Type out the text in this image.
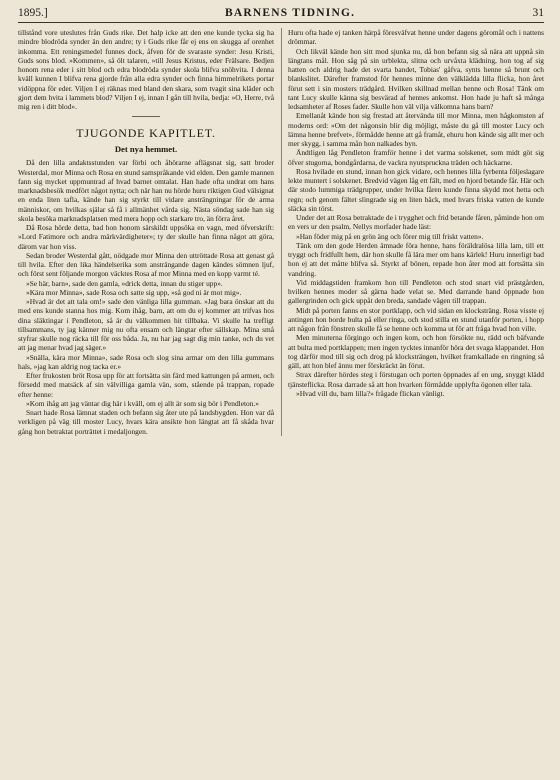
1895.]	BARNENS TIDNING.	31

tillstånd vore uteslutes från Guds rike. Det halp icke att den ene kunde tycka sig ha mindre blodröda synder än den andre; ty i Guds rike får ej ens en skugga af orenhet inkomma. Ett reningsmedel funnes dock, åfven för de svaraste synder: Jesu Kristi, Guds sons blod. »Kommen», så ölt talaren, »till Jesus Kristus, eder Frälsare. Bedjen honom rena eder i sitt blod och edra blodröda synder skola blifva snöhvita. I denna kväll kunnen I blifva rena gjorde från alla edra synder och finna himmelrikets portar vidöppna för eder. Viljen I ej räknas med bland den skara, som tvagit sina kläder och gjort dem hvita i lammets blod? Viljen I ej, innan I gån till hvila, bedja: »O, Herre, två mig ren i ditt blod».

TJUGONDE KAPITLET.
Det nya hemmet.

Då den lilla andaktsstunden var förbi och åhörarne aflägsnat sig, satt broder Westerdal, mor Minna och Rosa en stund samspråkande vid elden. Den gamle mannen fann sig mycket uppmuntrad af hvad barnet omtalat. Han hade ofta undrat om hans marknadsbesök medfört något nytta; och när han nu hörde huru riktigen Gud välsignat en enda liten tafla, kände han sig styrkt till vidare ansträngningar för de arma människor, om hvilkas själar så få i allmänhet vårda sig. Nästa söndag sade han sig skola besöka marknadsplatsen med mera hopp och starkare tro, än förra året.

Då Rosa hörde detta, bad hon honom särskildt uppsöka en vagn, med öfverskrift: »Lord Fatimore och andra märkvärdigheter»; ty der skulle han finna något att göra, därom var hon viss.

Sedan broder Westerdal gått, nödgade mor Minna den uttröttade Rosa att genast gå till hvila. Efter den lika händelserika som ansträngande dagen kändes sömnen ljuf, och först sent följande morgon väcktes Rosa af mor Minna med en kopp varmt té.

»Se här, barn», sade den gamla, »drick detta, innan du stiger upp».

»Kära mor Minna», sade Rosa och satte sig upp, »så god ni är mot mig».

»Hvad är det att tala om!» sade den vänliga lilla gumman. »Jag bara önskar att du med ens kunde stanna hos mig. Kom ihåg, barn, att om du ej kommer att trifvas hos dina släktingar i Pendleton, så är du välkommen hit tillbaka. Vi skulle ha trefligt tillsammans, ty jag känner mig nu ofta ensam och längtar efter sällskap. Mina små styfrar skulle nog räcka till för oss båda. Ja, nu har jag sagt dig min tanke, och du vet att jag menar hvad jag säger.»

»Snälla, kära mor Minna», sade Rosa och slog sina armar om den lilla gummans hals, »jag kan aldrig nog tacka er.»

Efter frukosten bröt Rosa upp för att fortsätta sin färd med kattungen på armen, och försedd med matsäck af sin välvilliga gamla vän, som, stående på trappan, ropade efter henne:

»Kom ihåg att jag väntar dig här i kväll, om ej allt är som sig bör i Pendleton.»

Snart hade Rosa lämnat staden och befann sig åter ute på landsbygden. Hon var då verkligen på väg till moster Lucy, hvars kära ansikte hon längtat att få skåda hvar gång hon betraktat porträttet i medaljongen.

Huru ofta hade ej tanken härpå föresväfvat henne under dagens göromål och i nattens drömmar.

Och likväl kände hon sitt mod sjunka nu, då hon befann sig så nära att uppnå sin längtans mål. Hon såg på sin urblekta, slitna och urvåxta klädning, hon tog af sig hatten och aldrig hade det svarta bandet, Tobias' gåfva, synts henne så brunt och blankslitet. Därefter framstod för hennes minne den välklädda lilla flicka, hon året förut sett i sin mosters trädgård. Hvilken skillnad mellan henne och Rosa! Tänk om tant Lucy skulle känna sig besvärad af hennes ankomst. Hon hade ju haft så många ledsamheter af Roses fader. Skulle hon väl vilja välkomna hans barn?

Emellanåt kände hon sig frestad att återvända till mor Minna, men hågkomsten af moderns ord: »Om det någonsin blir dig möjligt, måste du gå till moster Lucy och lämna henne brefvet», förmådde henne att gå framåt, ehuru hon kände sig allt mer och mer skygg, i samma mån hon nalkades byn.

Ändtligen låg Pendleton framför henne i det varma solskenet, som midt göt sig öfver stugorna, bondgårdarna, de vackra nyutspruckna träden och häckarne.

Rosa hvilade en stund, innan hon gick vidare, och hennes lilla fyrbenta följeslagare lekte muntert i solskenet. Bredvid vägen låg ett fält, med en hjord betande får. Här och där stodo lummiga trädgrupper, under hvilka fåren kunde finna skydd mot hetta och regn; och genom fältet slingrade sig en liten bäck, med hvars friska vatten de kunde släcka sin törst.

Under det att Rosa betraktade de i trygghet och frid betande fåren, påminde hon om en vers ur den psalm, Nellys morfader hade läst:

»Han föder mig på en grön äng och förer mig till friskt vatten».

Tänk om den gode Herden ämnade föra henne, hans föräldralösa lilla lam, till ett tryggt och fridfullt hem, där hon skulle få lära mer om hans kärlek! Huru innerligt bad hon ej att det måtte blifva så. Styrkt af bönen, repade hon åter mod att fortsätta sin vandring.

Vid middagstiden framkom hon till Pendleton och stod snart vid prästgården, hvilken hennes moder så gärna hade velat se. Med darrande hand öppnade hon gallergrinden och gick uppåt den breda, sandade vägen till trappan.

Midt på porten fanns en stor portklapp, och vid sidan en klocksträng. Rosa visste ej antingen hon borde bulta på eller ringa, och stod stilla en stund utanför porten, i hopp att någon från fönstren skulle få se henne och komma ut för att fråga hvad hon ville.

Men minuterna förgingo och ingen kom, och hon försökte nu, rädd och bäfvande att bulta med portklappen; men ingen tycktes innanför höra det svaga klappandet. Hon tog därför mod till sig och drog på klocksträngen, hvilket framkallade en ringning så gäll, att hon blef ännu mer förskräckt än förut.

Strax därefter hördes steg i förstugan och porten öppnades af en ung, snyggt klädd tjänsteflicka. Rosa darrade så att hon hvarken förmådde upplyfta ögonen eller tala.

»Hvad vill du, barn lilla?» frågade flickan vänligt.
